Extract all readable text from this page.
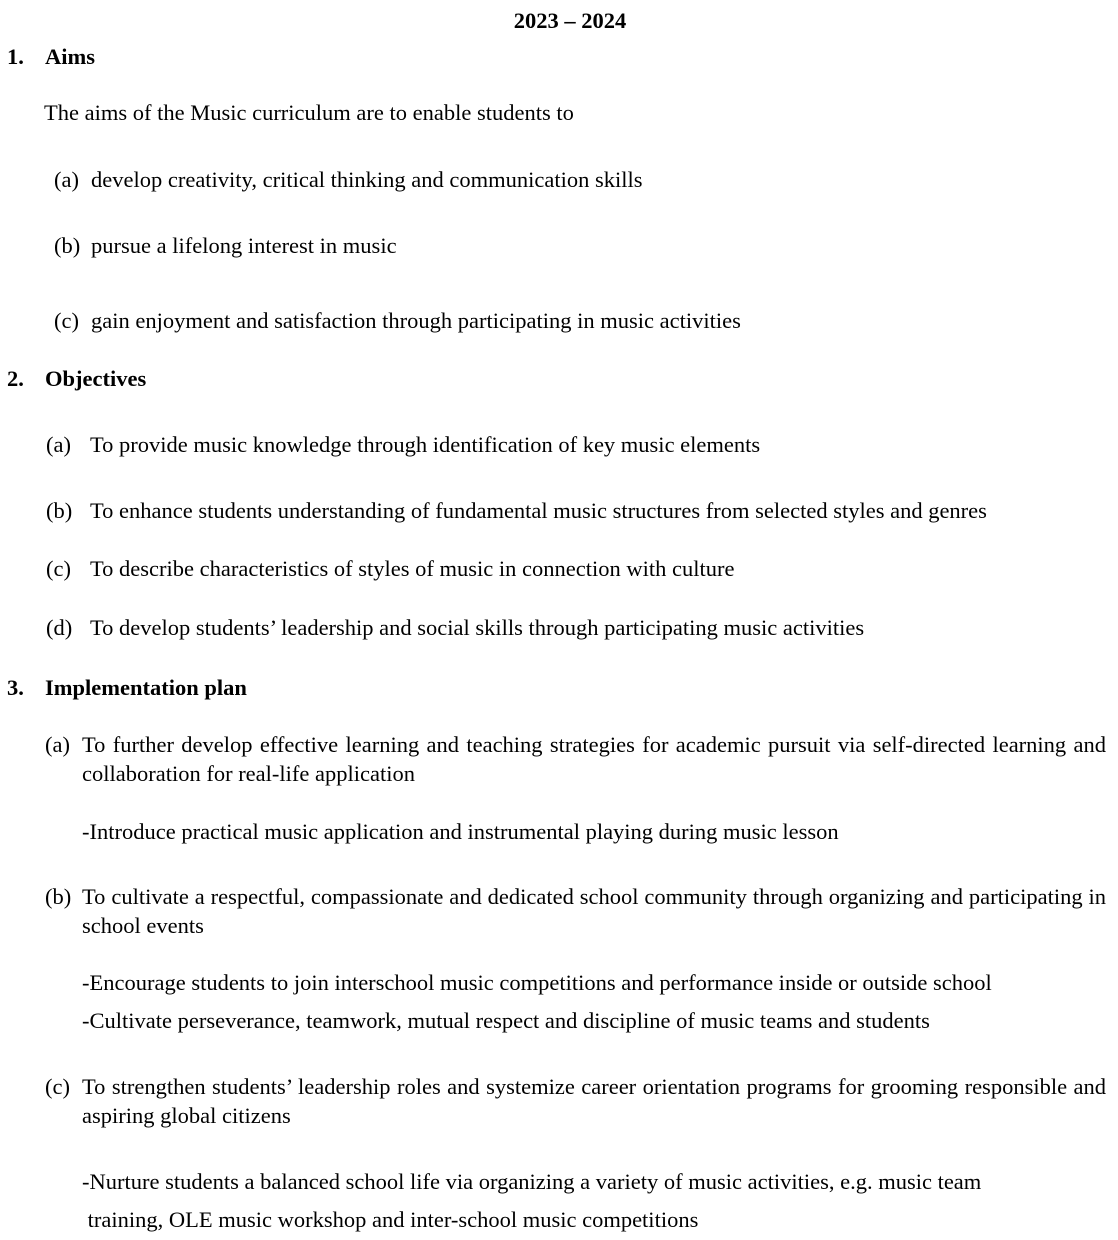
2023 – 2024
1. Aims
The aims of the Music curriculum are to enable students to
(a) develop creativity, critical thinking and communication skills
(b) pursue a lifelong interest in music
(c) gain enjoyment and satisfaction through participating in music activities
2. Objectives
(a) To provide music knowledge through identification of key music elements
(b) To enhance students understanding of fundamental music structures from selected styles and genres
(c) To describe characteristics of styles of music in connection with culture
(d) To develop students’ leadership and social skills through participating music activities
3. Implementation plan
(a) To further develop effective learning and teaching strategies for academic pursuit via self-directed learning and collaboration for real-life application
-Introduce practical music application and instrumental playing during music lesson
(b) To cultivate a respectful, compassionate and dedicated school community through organizing and participating in school events
-Encourage students to join interschool music competitions and performance inside or outside school
-Cultivate perseverance, teamwork, mutual respect and discipline of music teams and students
(c) To strengthen students’ leadership roles and systemize career orientation programs for grooming responsible and aspiring global citizens
-Nurture students a balanced school life via organizing a variety of music activities, e.g. music team
training, OLE music workshop and inter-school music competitions
